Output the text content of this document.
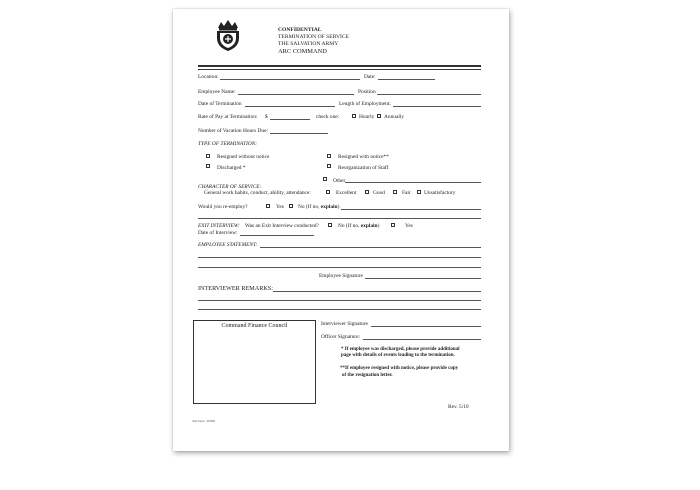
CONFIDENTIAL
TERMINATION OF SERVICE
THE SALVATION ARMY
ARC COMMAND
Location:	Date:
Employee Name:	Position
Date of Termination	Length of Employment:
Rate of Pay at Termination: $	check one:	Hourly Annually
Number of Vacation Hours Due:
TYPE OF TERMINATION:
Resigned without notice	Resigned with notice**
Discharged *	Reorganization of Staff
Other
CHARACTER OF SERVICE:
General work habits, conduct, ability, attendance:	Excellent	Good	Fair Unsatisfactory
Would you re-employ?	Yes	No (If no, explain)
EXIT INTERVIEW: Was an Exit Interview conducted?	No (If no, explain)	Yes
Date of Interview:
EMPLOYEE STATEMENT:
Employee Signature
INTERVIEWER REMARKS:
Command Finance Council	Interviewer Signature
Officer Signature:
* If employee was discharged, please provide additional
page with details of events leading to the termination.
**If employee resigned with notice, please provide copy
of the resignation letter.
Rev. 5/10
Sub Desc. 20096
